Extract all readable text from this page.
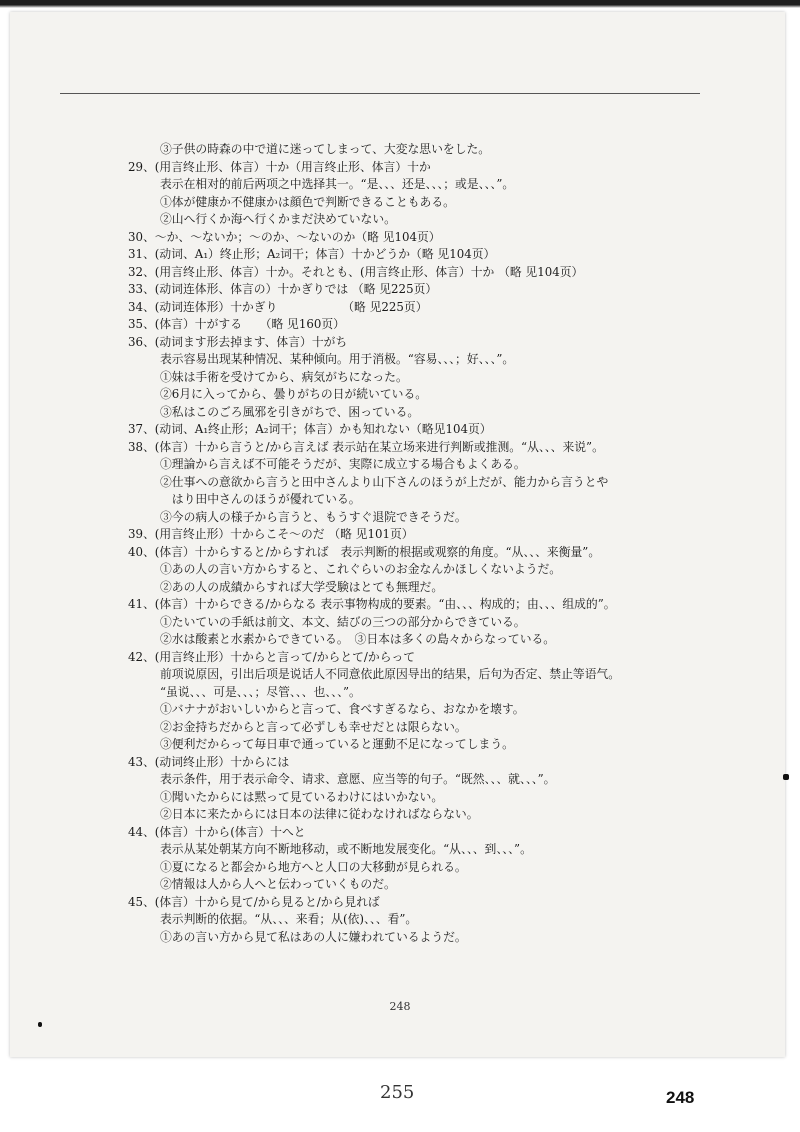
③子供の時森の中で道に迷ってしまって、大変な思いをした。
29、(用言终止形、体言）十か（用言终止形、体言）十か
表示在相对的前后两项之中选择其一。“是、、、还是、、、；或是、、、”。
①体が健康か不健康かは顔色で判断できることもある。
②山へ行くか海へ行くかまだ決めていない。
30、～か、～ないか；～のか、～ないのか（略 见104页）
31、(动词、A₁）终止形；A₂词干；体言）十かどうか（略 见104页）
32、(用言终止形、体言）十か。それとも、(用言终止形、体言）十か （略 见104页）
33、(动词连体形、体言の）十かぎりでは （略 见225页）
34、(动词连体形）十かぎり　　　　　　（略 见225页）
35、(体言）十がする　　（略 见160页）
36、(动词ます形去掉ます、体言）十がち
表示容易出现某种情况、某种倾向。用于消极。“容易、、、；好、、、”。
①妹は手術を受けてから、病気がちになった。
②6月に入ってから、曇りがちの日が続いている。
③私はこのごろ風邪を引きがちで、困っている。
37、(动词、A₁终止形；A₂词干；体言）かも知れない（略见104页）
38、(体言）十から言うと/から言えば 表示站在某立场来进行判断或推测。“从、、、来说”。
①理論から言えば不可能そうだが、実際に成立する場合もよくある。
②仕事への意欲から言うと田中さんより山下さんのほうが上だが、能力から言うとや
　はり田中さんのほうが優れている。
③今の病人の様子から言うと、もうすぐ退院できそうだ。
39、(用言终止形）十からこそ～のだ （略 见101页）
40、(体言）十からすると/からすれば　表示判断的根据或观察的角度。“从、、、来衡量”。
①あの人の言い方からすると、これぐらいのお金なんかほしくないようだ。
②あの人の成績からすれば大学受験はとても無理だ。
41、(体言）十からできる/からなる 表示事物构成的要素。“由、、、构成的；由、、、组成的”。
①たいていの手紙は前文、本文、結びの三つの部分からできている。
②水は酸素と水素からできている。　③日本は多くの島々からなっている。
42、(用言终止形）十からと言って/からとて/からって
前项说原因，引出后项是说话人不同意依此原因导出的结果，后句为否定、禁止等语气。
“虽说、、、可是、、、；尽管、、、也、、、”。
①バナナがおいしいからと言って、食べすぎるなら、おなかを壊す。
②お金持ちだからと言って必ずしも幸せだとは限らない。
③便利だからって毎日車で通っていると運動不足になってしまう。
43、(动词终止形）十からには
表示条件，用于表示命令、请求、意愿、应当等的句子。“既然、、、就、、、”。
①聞いたからには黙って見ているわけにはいかない。
②日本に来たからには日本の法律に従わなければならない。
44、(体言）十から(体言）十へと
表示从某处朝某方向不断地移动，或不断地发展变化。“从、、、到、、、”。
①夏になると都会から地方へと人口の大移動が見られる。
②情報は人から人へと伝わっていくものだ。
45、(体言）十から見て/から見ると/から見れば
表示判断的依据。“从、、、来看；从(依)、、、看”。
①あの言い方から見て私はあの人に嫌われているようだ。
248
255	248
